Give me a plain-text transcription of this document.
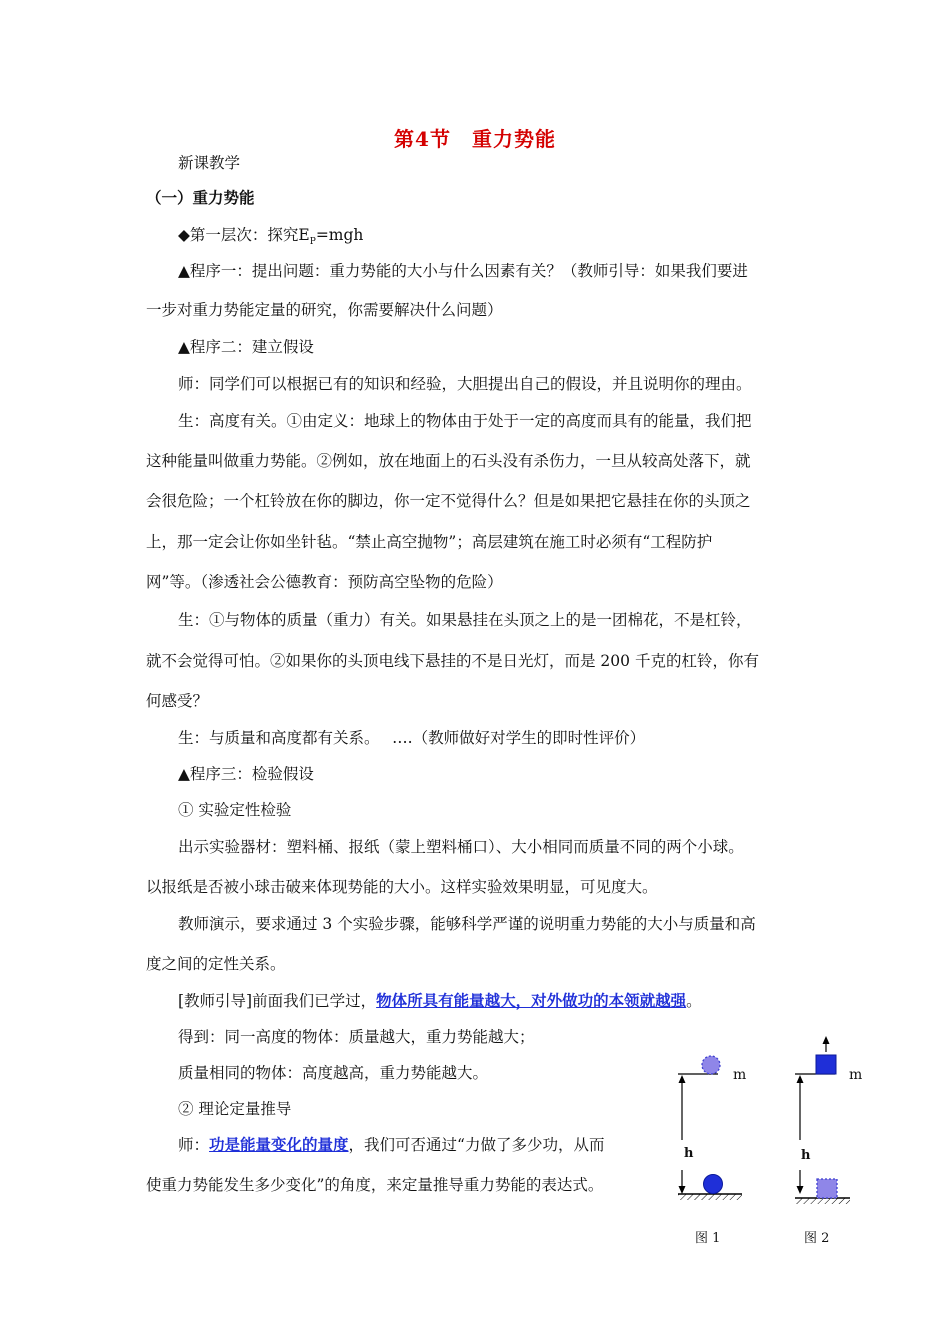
第4节　重力势能
新课教学
（一）重力势能
◆第一层次：探究$E_P=mgh$
▲程序一：提出问题：重力势能的大小与什么因素有关？（教师引导：如果我们要进
一步对重力势能定量的研究，你需要解决什么问题）
▲程序二：建立假设
师：同学们可以根据已有的知识和经验，大胆提出自己的假设，并且说明你的理由。
生：高度有关。①由定义：地球上的物体由于处于一定的高度而具有的能量，我们把
这种能量叫做重力势能。②例如，放在地面上的石头没有杀伤力，一旦从较高处落下，就
会很危险；一个杠铃放在你的脚边，你一定不觉得什么？但是如果把它悬挂在你的头顶之
上，那一定会让你如坐针毡。“禁止高空抛物”；高层建筑在施工时必须有“工程防护
网”等。（渗透社会公德教育：预防高空坠物的危险）
生：①与物体的质量（重力）有关。如果悬挂在头顶之上的是一团棉花，不是杠铃，
就不会觉得可怕。②如果你的头顶电线下悬挂的不是日光灯，而是 200 千克的杠铃，你有
何感受？
生：与质量和高度都有关系。　 ….（教师做好对学生的即时性评价）
▲程序三：检验假设
① 实验定性检验
出示实验器材：塑料桶、报纸（蒙上塑料桶口）、大小相同而质量不同的两个小球。
以报纸是否被小球击破来体现势能的大小。这样实验效果明显，可见度大。
教师演示，要求通过 3 个实验步骤，能够科学严谨的说明重力势能的大小与质量和高
度之间的定性关系。
[教师引导]前面我们已学过，物体所具有能量越大，对外做功的本领就越强。
得到：同一高度的物体：质量越大，重力势能越大；
质量相同的物体：高度越高，重力势能越大。
② 理论定量推导
师：功是能量变化的量度，我们可否通过“力做了多少功，从而
使重力势能发生多少变化”的角度，来定量推导重力势能的表达式。
m	m
h	h
图 1	图 2
